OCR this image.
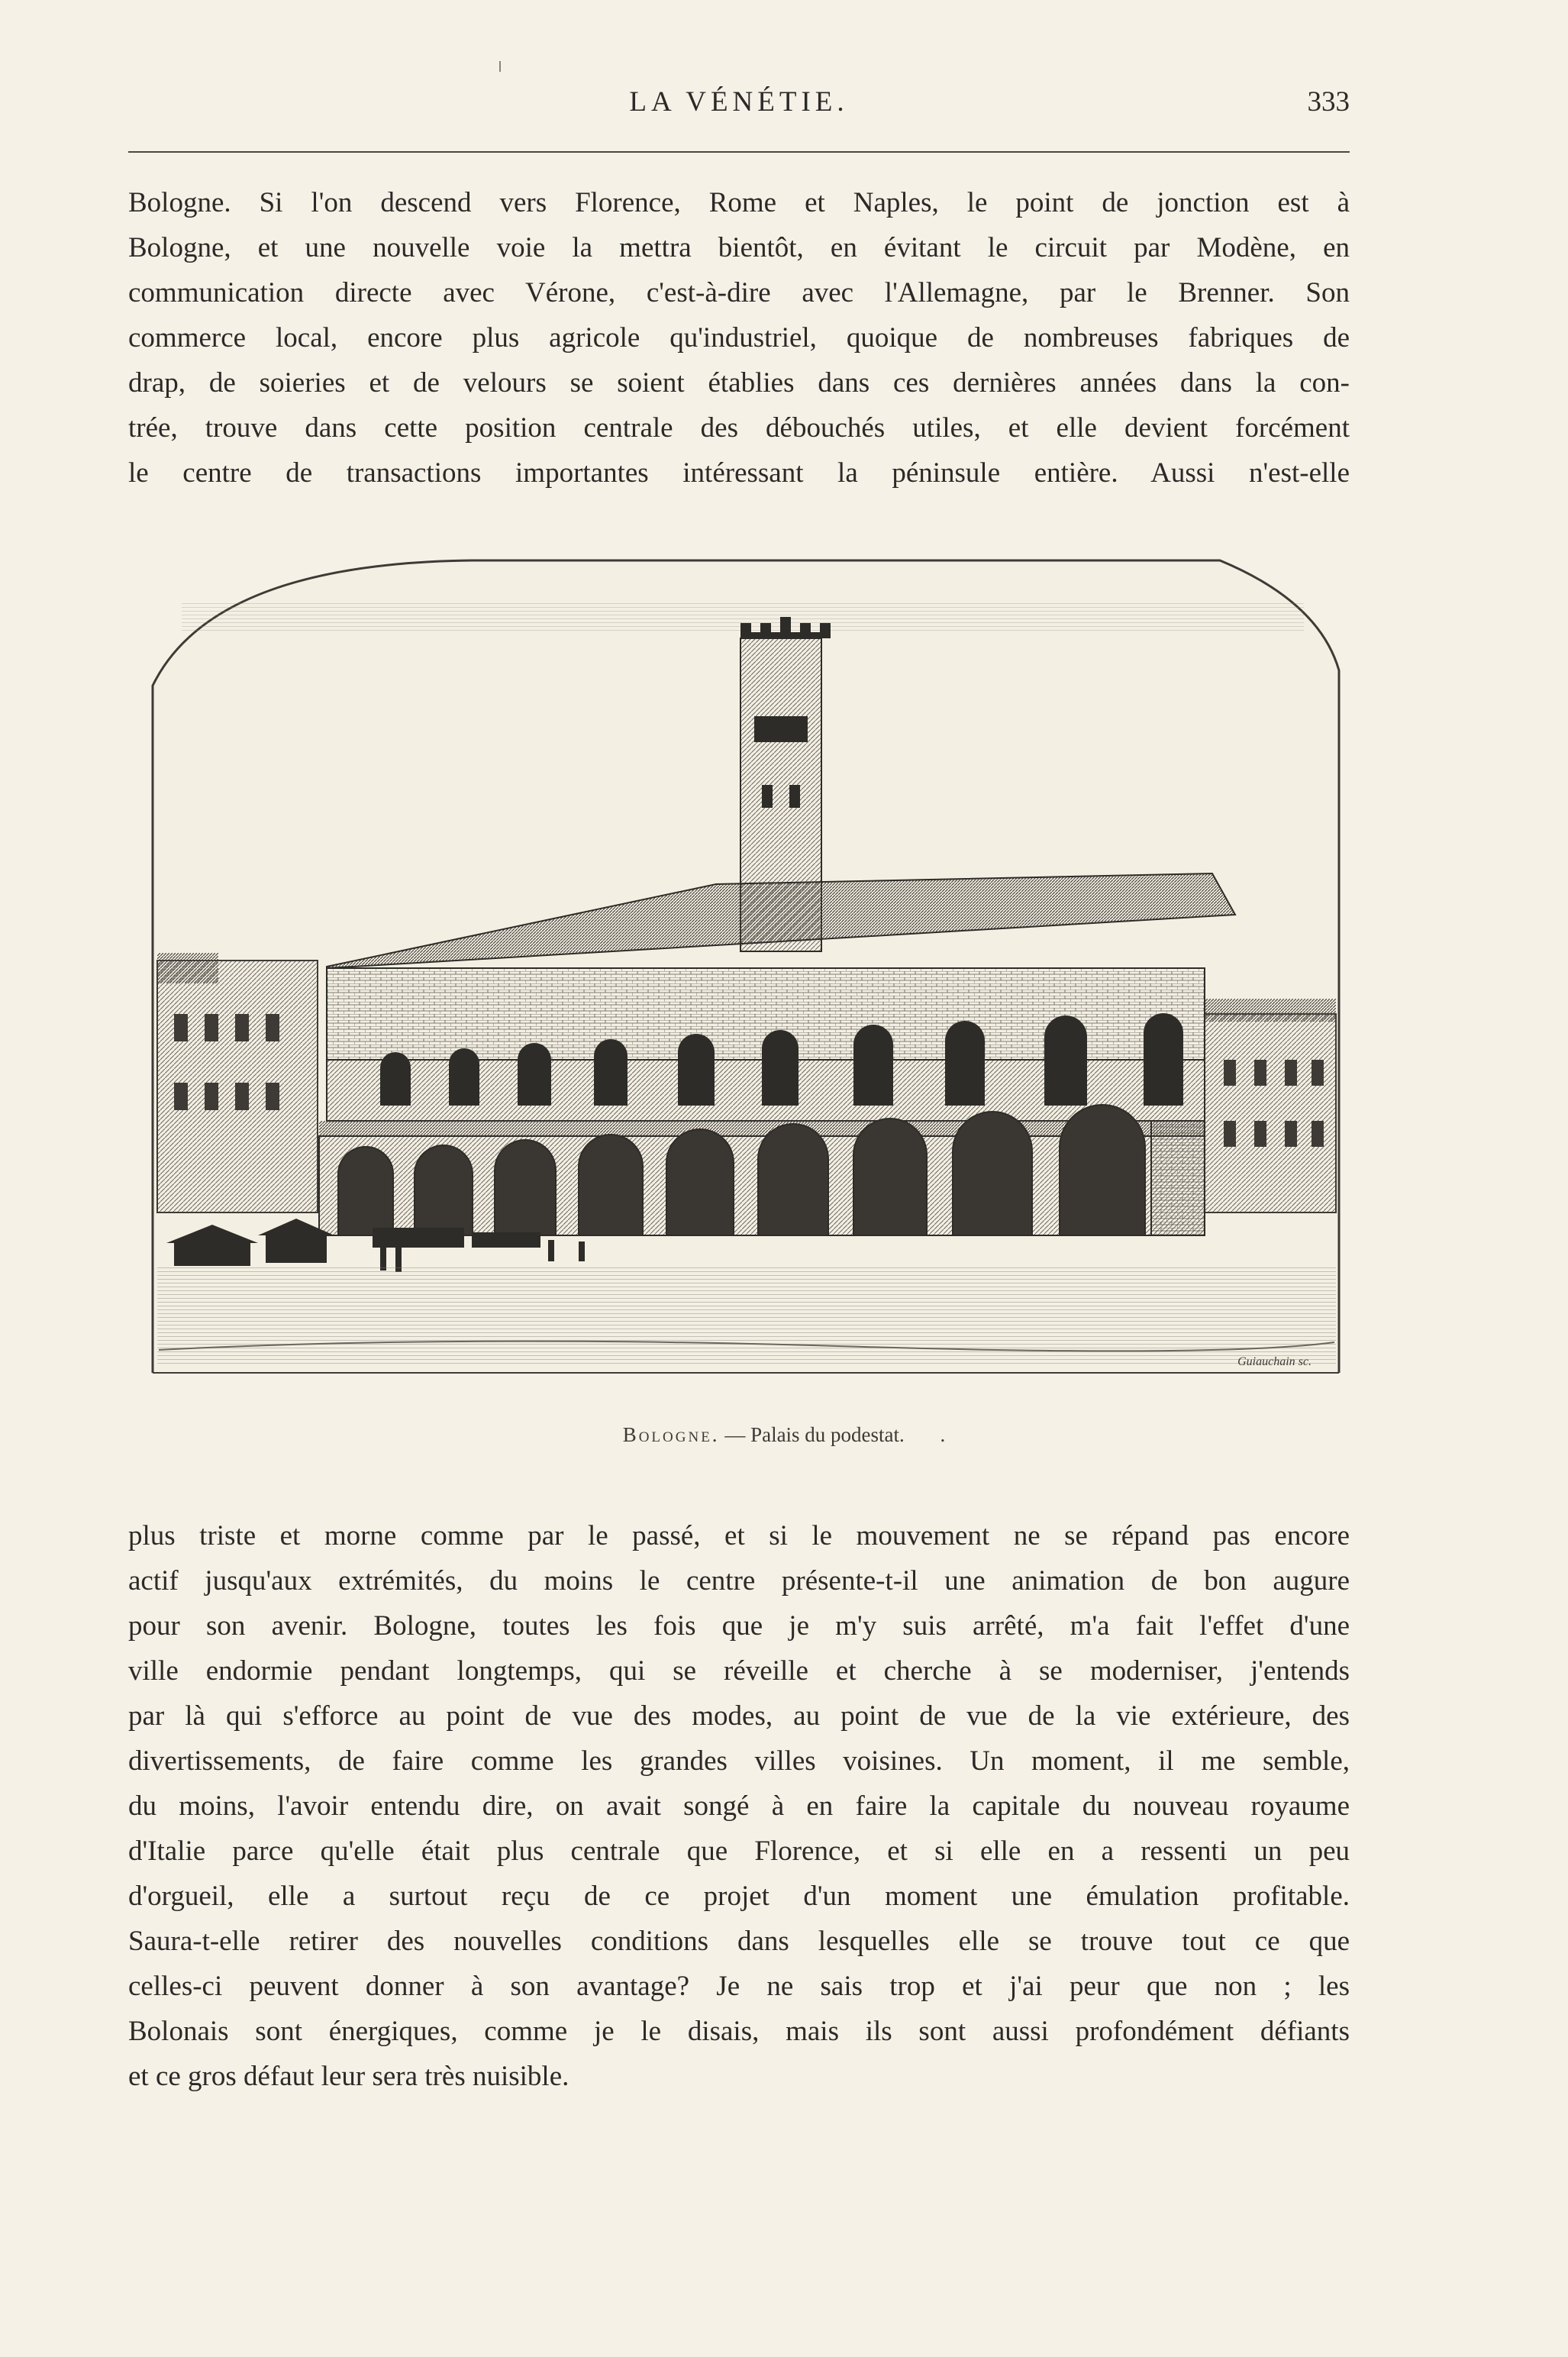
LA VÉNÉTIE.	333
Bologne. Si l'on descend vers Florence, Rome et Naples, le point de jonction est à
Bologne, et une nouvelle voie la mettra bientôt, en évitant le circuit par Modène, en
communication directe avec Vérone, c'est-à-dire avec l'Allemagne, par le Brenner. Son
commerce local, encore plus agricole qu'industriel, quoique de nombreuses fabriques de
drap, de soieries et de velours se soient établies dans ces dernières années dans la con-
trée, trouve dans cette position centrale des débouchés utiles, et elle devient forcément
le centre de transactions importantes intéressant la péninsule entière. Aussi n'est-elle
Guiauchain sc.
Bologne. — Palais du podestat. .
plus triste et morne comme par le passé, et si le mouvement ne se répand pas encore
actif jusqu'aux extrémités, du moins le centre présente-t-il une animation de bon augure
pour son avenir. Bologne, toutes les fois que je m'y suis arrêté, m'a fait l'effet d'une
ville endormie pendant longtemps, qui se réveille et cherche à se moderniser, j'entends
par là qui s'efforce au point de vue des modes, au point de vue de la vie extérieure, des
divertissements, de faire comme les grandes villes voisines. Un moment, il me semble,
du moins, l'avoir entendu dire, on avait songé à en faire la capitale du nouveau royaume
d'Italie parce qu'elle était plus centrale que Florence, et si elle en a ressenti un peu
d'orgueil, elle a surtout reçu de ce projet d'un moment une émulation profitable.
Saura-t-elle retirer des nouvelles conditions dans lesquelles elle se trouve tout ce que
celles-ci peuvent donner à son avantage? Je ne sais trop et j'ai peur que non ; les
Bolonais sont énergiques, comme je le disais, mais ils sont aussi profondément défiants
et ce gros défaut leur sera très nuisible.
